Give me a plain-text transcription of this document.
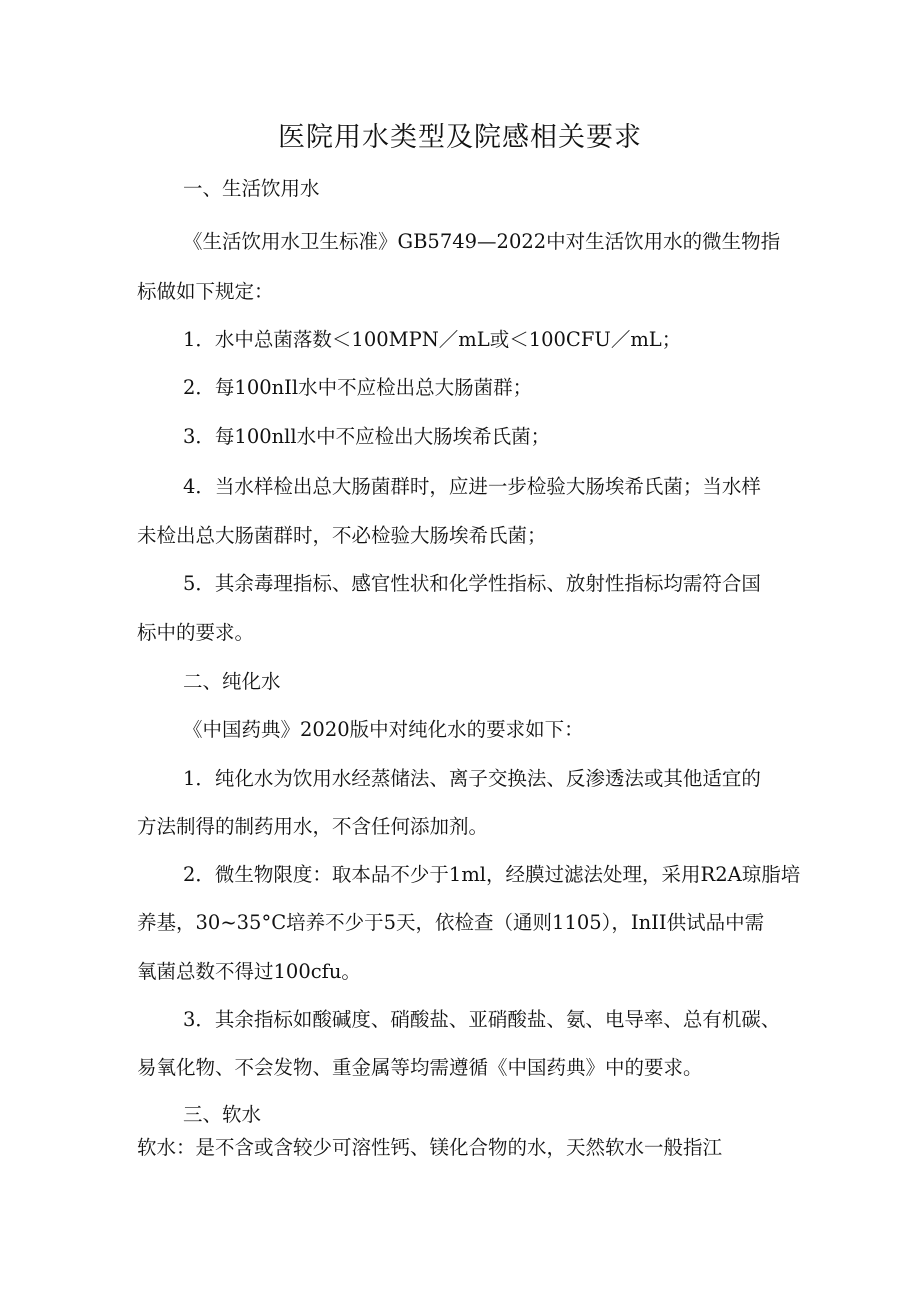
医院用水类型及院感相关要求
一、生活饮用水
《生活饮用水卫生标准》GB5749—2022中对生活饮用水的微生物指
标做如下规定：
1．水中总菌落数＜100MPN／mL或＜100CFU／mL；
2．每100nIl水中不应检出总大肠菌群；
3．每100nll水中不应检出大肠埃希氏菌；
4．当水样检出总大肠菌群时，应进一步检验大肠埃希氏菌；当水样
未检出总大肠菌群时，不必检验大肠埃希氏菌；
5．其余毒理指标、感官性状和化学性指标、放射性指标均需符合国
标中的要求。
二、纯化水
《中国药典》2020版中对纯化水的要求如下：
1．纯化水为饮用水经蒸储法、离子交换法、反渗透法或其他适宜的
方法制得的制药用水，不含任何添加剂。
2．微生物限度：取本品不少于1ml，经膜过滤法处理，采用R2A琼脂培
养基，30~35°C培养不少于5天，依检查（通则1105），InII供试品中需
氧菌总数不得过100cfu。
3．其余指标如酸碱度、硝酸盐、亚硝酸盐、氨、电导率、总有机碳、
易氧化物、不会发物、重金属等均需遵循《中国药典》中的要求。
三、软水
软水：是不含或含较少可溶性钙、镁化合物的水，天然软水一般指江
